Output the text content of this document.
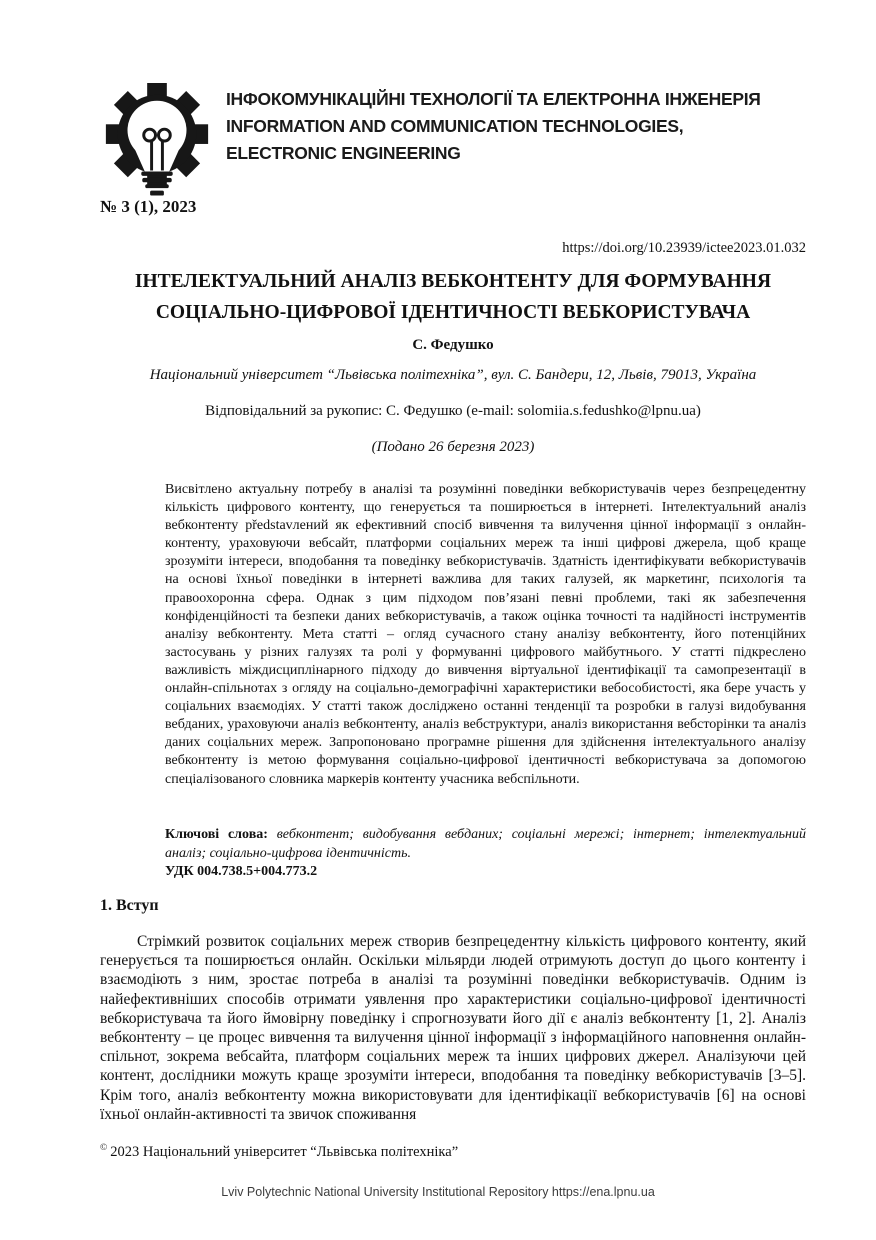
ІНФОКОМУНІКАЦІЙНІ ТЕХНОЛОГІЇ ТА ЕЛЕКТРОННА ІНЖЕНЕРІЯ
INFORMATION AND COMMUNICATION TECHNOLOGIES,
ELECTRONIC ENGINEERING
№ 3 (1), 2023
https://doi.org/10.23939/ictee2023.01.032
ІНТЕЛЕКТУАЛЬНИЙ АНАЛІЗ ВЕБКОНТЕНТУ ДЛЯ ФОРМУВАННЯ СОЦІАЛЬНО-ЦИФРОВОЇ ІДЕНТИЧНОСТІ ВЕБКОРИСТУВАЧА
С. Федушко
Національний університет “Львівська політехніка”, вул. С. Бандери, 12, Львів, 79013, Україна
Відповідальний за рукопис: С. Федушко (e-mail: solomiia.s.fedushko@lpnu.ua)
(Подано 26 березня 2023)
Висвітлено актуальну потребу в аналізі та розумінні поведінки вебкористувачів через безпрецедентну кількість цифрового контенту, що генерується та поширюється в інтернеті. Інтелектуальний аналіз вебконтенту představлений як ефективний спосіб вивчення та вилучення цінної інформації з онлайн-контенту, ураховуючи вебсайт, платформи соціальних мереж та інші цифрові джерела, щоб краще зрозуміти інтереси, вподобання та поведінку вебкористувачів. Здатність ідентифікувати вебкористувачів на основі їхньої поведінки в інтернеті важлива для таких галузей, як маркетинг, психологія та правоохоронна сфера. Однак з цим підходом пов’язані певні проблеми, такі як забезпечення конфіденційності та безпеки даних вебкористувачів, а також оцінка точності та надійності інструментів аналізу вебконтенту. Мета статті – огляд сучасного стану аналізу вебконтенту, його потенційних застосувань у різних галузях та ролі у формуванні цифрового майбутнього. У статті підкреслено важливість міждисциплінарного підходу до вивчення віртуальної ідентифікації та самопрезентації в онлайн-спільнотах з огляду на соціально-демографічні характеристики вебособистості, яка бере участь у соціальних взаємодіях. У статті також досліджено останні тенденції та розробки в галузі видобування вебданих, ураховуючи аналіз вебконтенту, аналіз вебструктури, аналіз використання вебсторінки та аналіз даних соціальних мереж. Запропоновано програмне рішення для здійснення інтелектуального аналізу вебконтенту із метою формування соціально-цифрової ідентичності вебкористувача за допомогою спеціалізованого словника маркерів контенту учасника вебспільноти.
Ключові слова: вебконтент; видобування вебданих; соціальні мережі; інтернет; інтелектуальний аналіз; соціально-цифрова ідентичність.
УДК 004.738.5+004.773.2
1. Вступ
Стрімкий розвиток соціальних мереж створив безпрецедентну кількість цифрового контенту, який генерується та поширюється онлайн. Оскільки мільярди людей отримують доступ до цього контенту і взаємодіють з ним, зростає потреба в аналізі та розумінні поведінки вебкористувачів. Одним із найефективніших способів отримати уявлення про характеристики соціально-цифрової ідентичності вебкористувача та його ймовірну поведінку і спрогнозувати його дії є аналіз вебконтенту [1, 2]. Аналіз вебконтенту – це процес вивчення та вилучення цінної інформації з інформаційного наповнення онлайн-спільнот, зокрема вебсайта, платформ соціальних мереж та інших цифрових джерел. Аналізуючи цей контент, дослідники можуть краще зрозуміти інтереси, вподобання та поведінку вебкористувачів [3–5]. Крім того, аналіз вебконтенту можна використовувати для ідентифікації вебкористувачів [6] на основі їхньої онлайн-активності та звичок споживання
© 2023 Національний університет “Львівська політехніка”
Lviv Polytechnic National University Institutional Repository https://ena.lpnu.ua
